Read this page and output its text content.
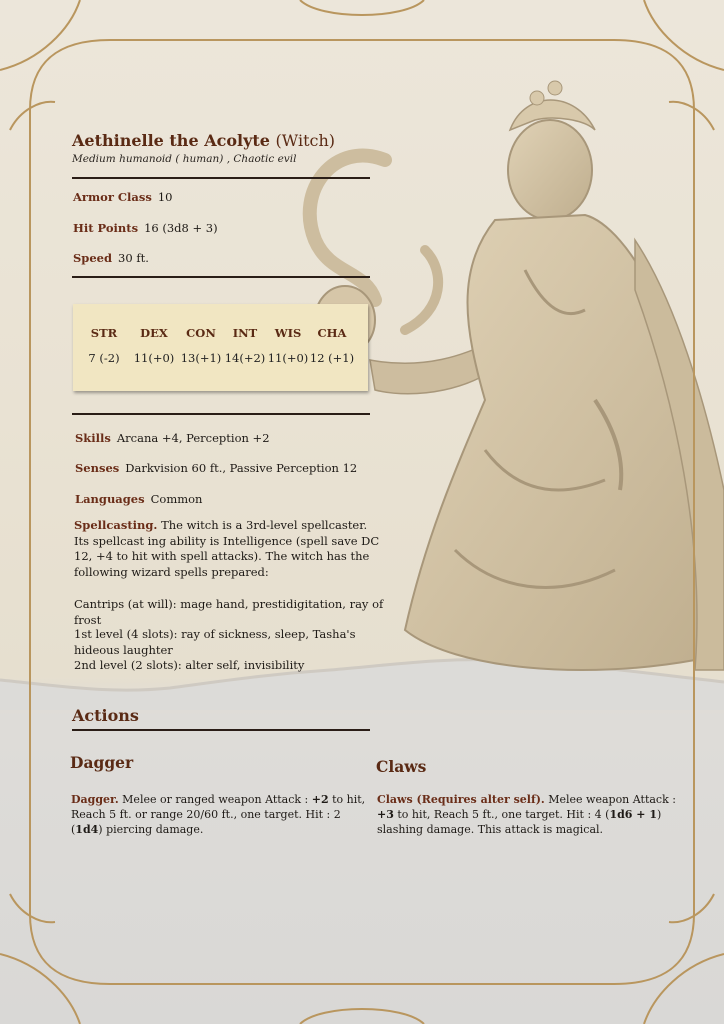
Aethinelle the Acolyte (Witch)
Medium humanoid ( human) , Chaotic evil
Armor Class 10
Hit Points 16 (3d8 + 3)
Speed 30 ft.
STR
7 (-2)
DEX
11(+0)
CON
13(+1)
INT
14(+2)
WIS
11(+0)
CHA
12 (+1)
Skills Arcana +4, Perception +2
Senses Darkvision 60 ft., Passive Perception 12
Languages Common
Spellcasting. The witch is a 3rd-level spellcaster. Its spellcast ing ability is Intelligence (spell save DC 12, +4 to hit with spell attacks). The witch has the following wizard spells prepared:
Cantrips (at will): mage hand, prestidigitation, ray of frost
1st level (4 slots): ray of sickness, sleep, Tasha's hideous laughter
2nd level (2 slots): alter self, invisibility
Actions
Dagger
Dagger. Melee or ranged weapon Attack : +2 to hit, Reach 5 ft. or range 20/60 ft., one target. Hit : 2 (1d4) piercing damage.
Claws
Claws (Requires alter self). Melee weapon Attack : +3 to hit, Reach 5 ft., one target. Hit : 4 (1d6 + 1) slashing damage. This attack is magical.
